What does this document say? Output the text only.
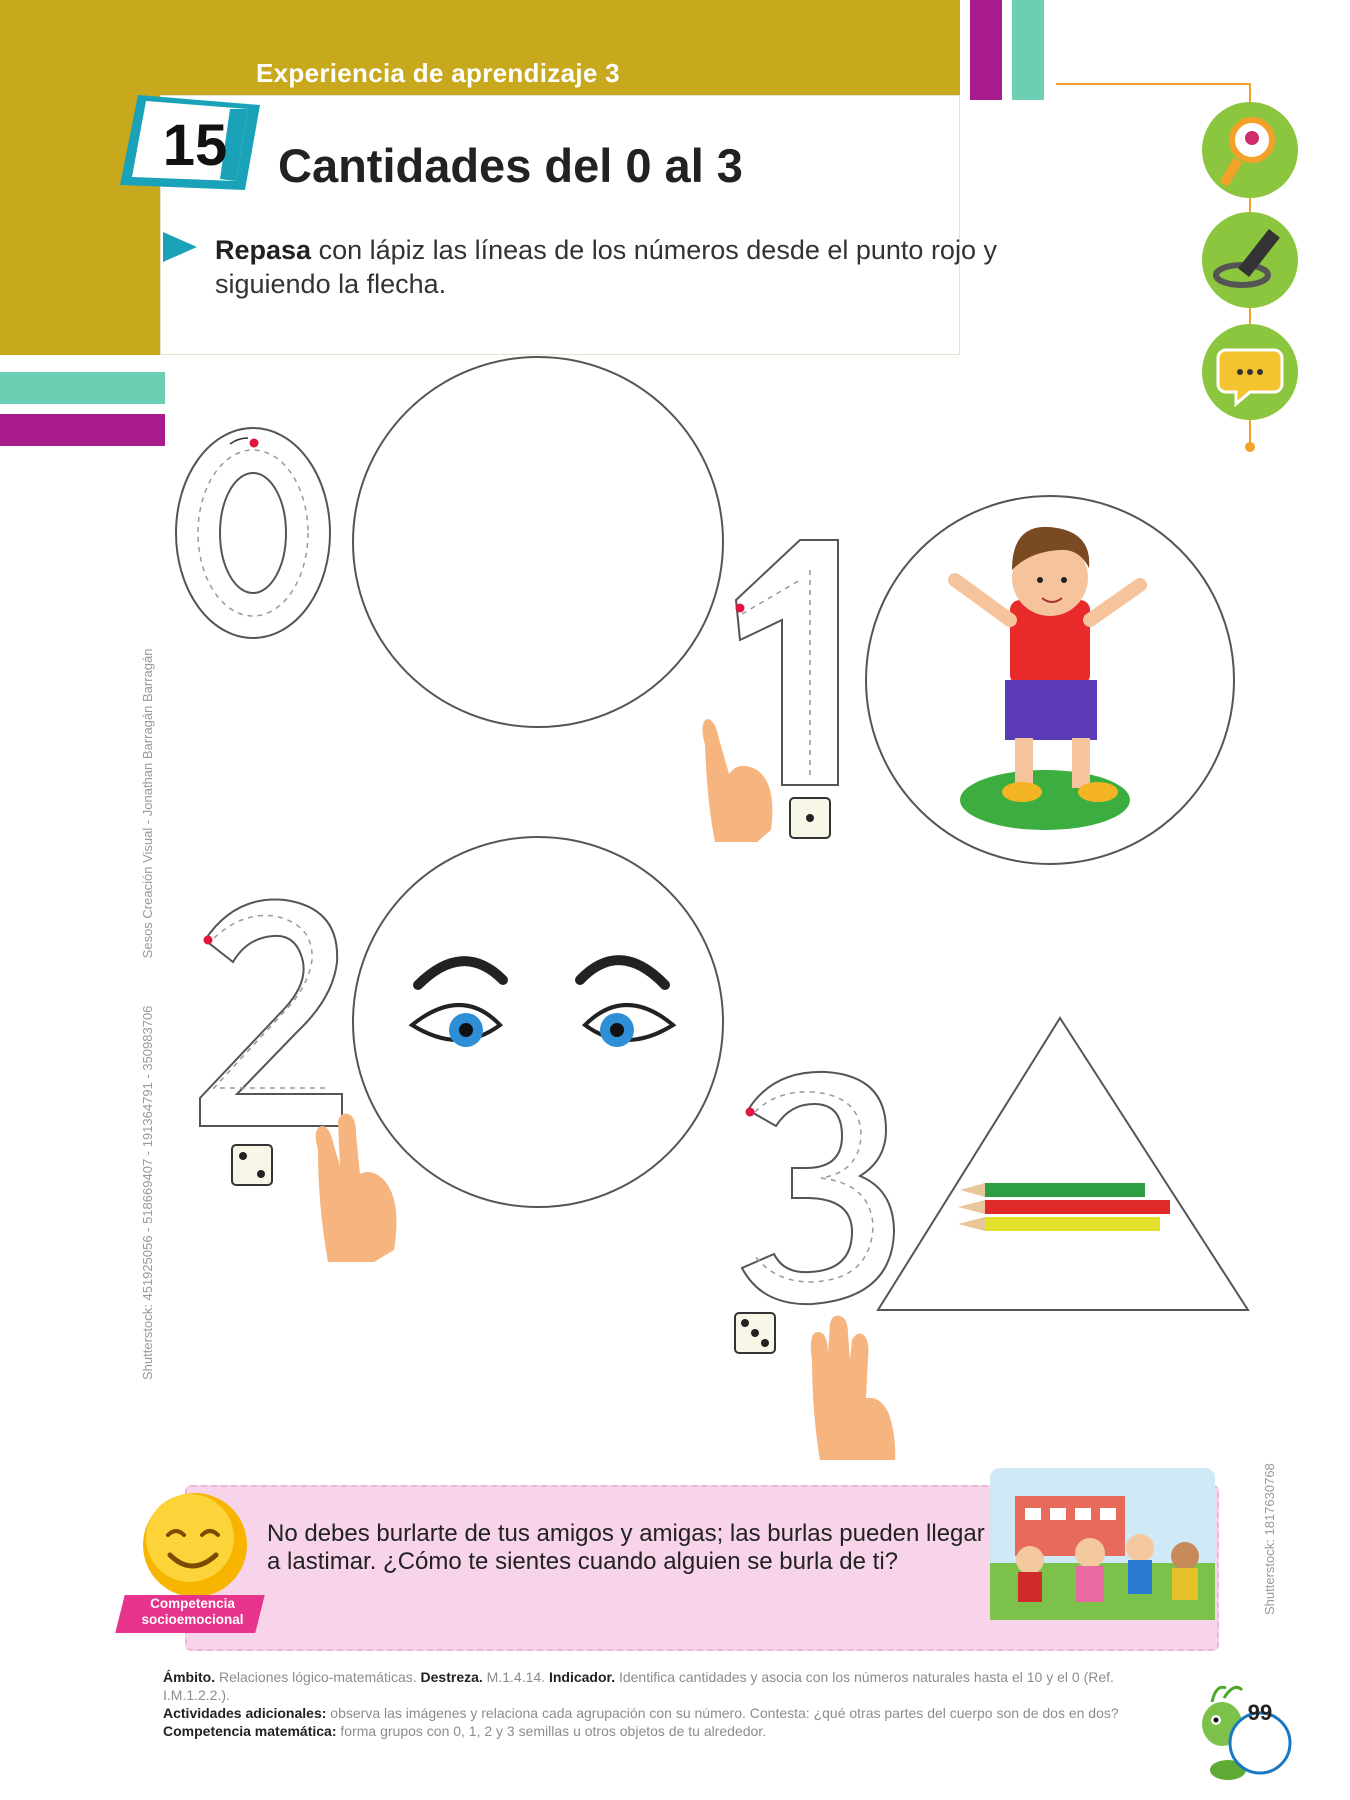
Experiencia de aprendizaje 3
15 Cantidades del 0 al 3
Repasa con lápiz las líneas de los números desde el punto rojo y siguiendo la flecha.
Shutterstock: 451925056 - 518669407 - 191364791 - 350983706  Sesos Creación Visual - Jonathan Barragán Barragán
Shutterstock: 1817630768
Competencia
socioemocional
No debes burlarte de tus amigos y amigas; las burlas pueden llegar a lastimar. ¿Cómo te sientes cuando alguien se burla de ti?
Ámbito. Relaciones lógico-matemáticas. Destreza. M.1.4.14. Indicador. Identifica cantidades y asocia con los números naturales hasta el 10 y el 0 (Ref. I.M.1.2.2.).
Actividades adicionales: observa las imágenes y relaciona cada agrupación con su número. Contesta: ¿qué otras partes del cuerpo son de dos en dos? Competencia matemática: forma grupos con 0, 1, 2 y 3 semillas u otros objetos de tu alrededor.
99
